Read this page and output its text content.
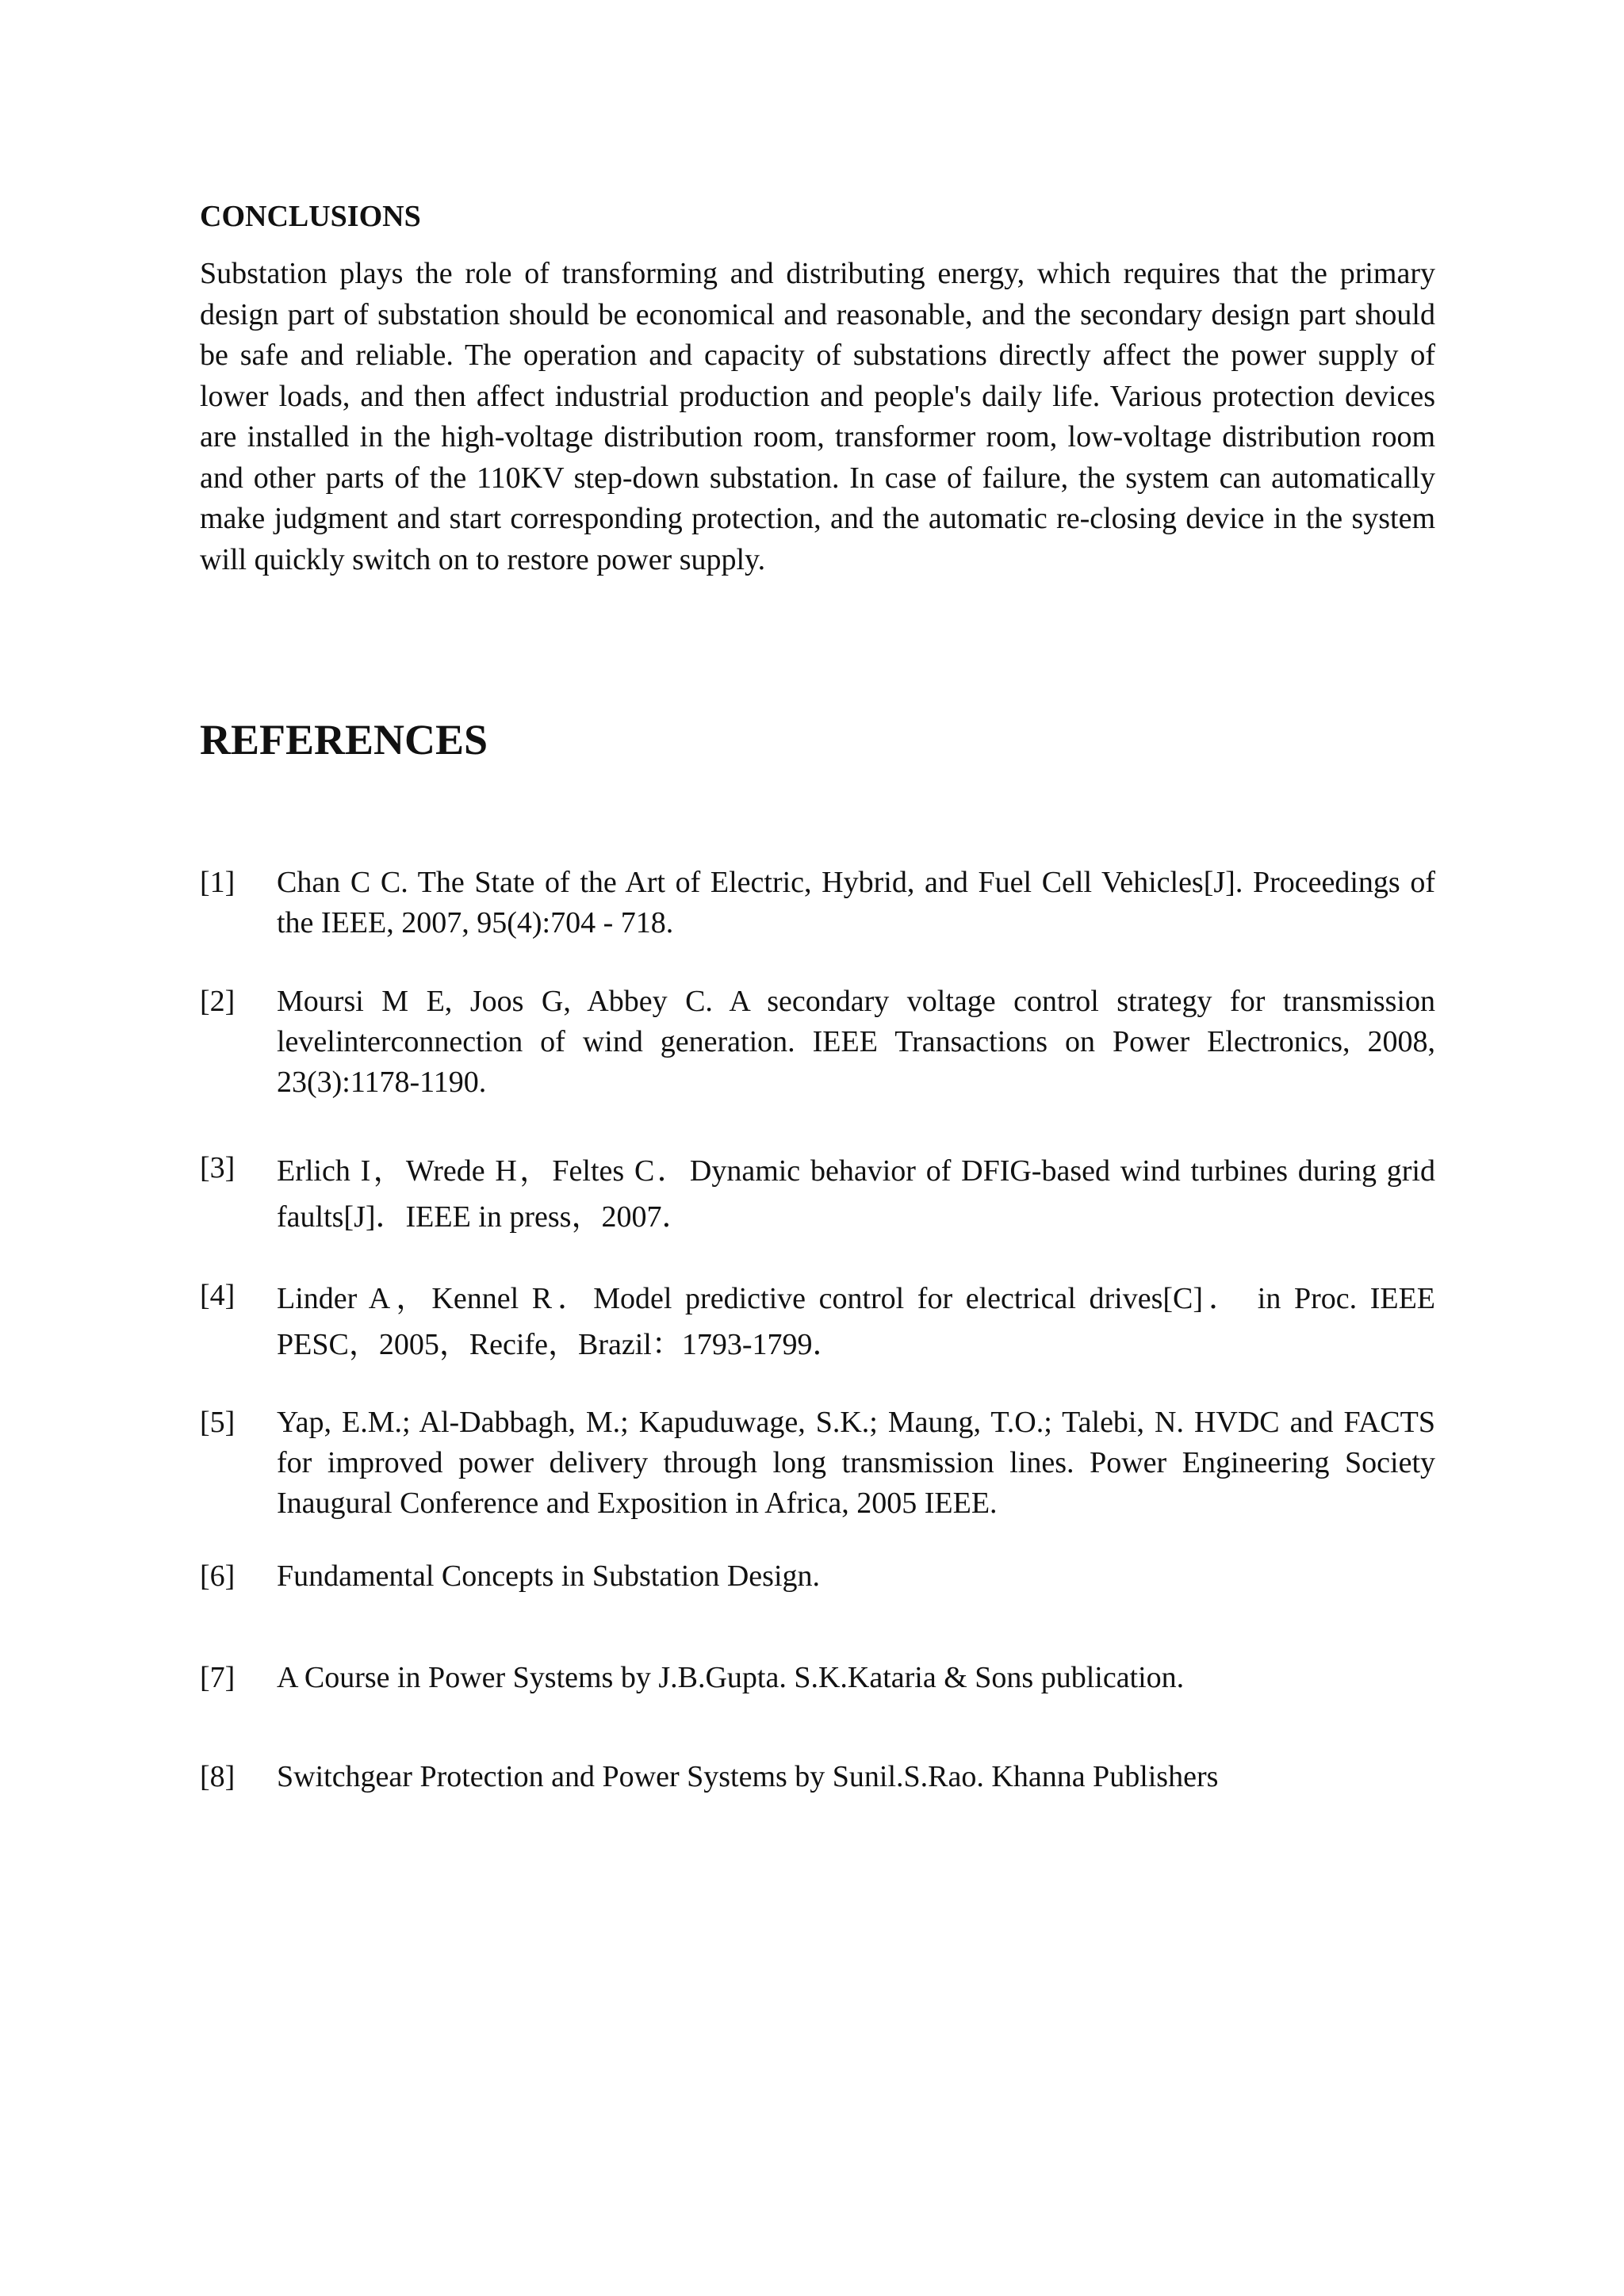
CONCLUSIONS

Substation plays the role of transforming and distributing energy, which requires that the primary design part of substation should be economical and reasonable, and the secondary design part should be safe and reliable. The operation and capacity of substations directly affect the power supply of lower loads, and then affect industrial production and people's daily life. Various protection devices are installed in the high-voltage distribution room, transformer room, low-voltage distribution room and other parts of the 110KV step-down substation. In case of failure, the system can automatically make judgment and start corresponding protection, and the automatic re-closing device in the system will quickly switch on to restore power supply.

REFERENCES
[1]	Chan C C. The State of the Art of Electric, Hybrid, and Fuel Cell Vehicles[J]. Proceedings of the IEEE, 2007, 95(4):704 - 718.
[2]	Moursi M E, Joos G, Abbey C. A secondary voltage control strategy for transmission levelinterconnection of wind generation. IEEE Transactions on Power Electronics, 2008, 23(3):1178-1190.
[3]	Erlich I，Wrede H，Feltes C．Dynamic behavior of DFIG-based wind turbines during grid faults[J]．IEEE in press，2007．
[4]	Linder A，Kennel R．Model predictive control for electrical drives[C]． in Proc. IEEE PESC，2005，Recife，Brazil：1793-1799．
[5]	Yap, E.M.; Al-Dabbagh, M.; Kapuduwage, S.K.; Maung, T.O.; Talebi, N. HVDC and FACTS for improved power delivery through long transmission lines. Power Engineering Society Inaugural Conference and Exposition in Africa, 2005 IEEE.
[6]	Fundamental Concepts in Substation Design.
[7]	A Course in Power Systems by J.B.Gupta. S.K.Kataria & Sons publication.
[8]	Switchgear Protection and Power Systems by Sunil.S.Rao. Khanna Publishers
